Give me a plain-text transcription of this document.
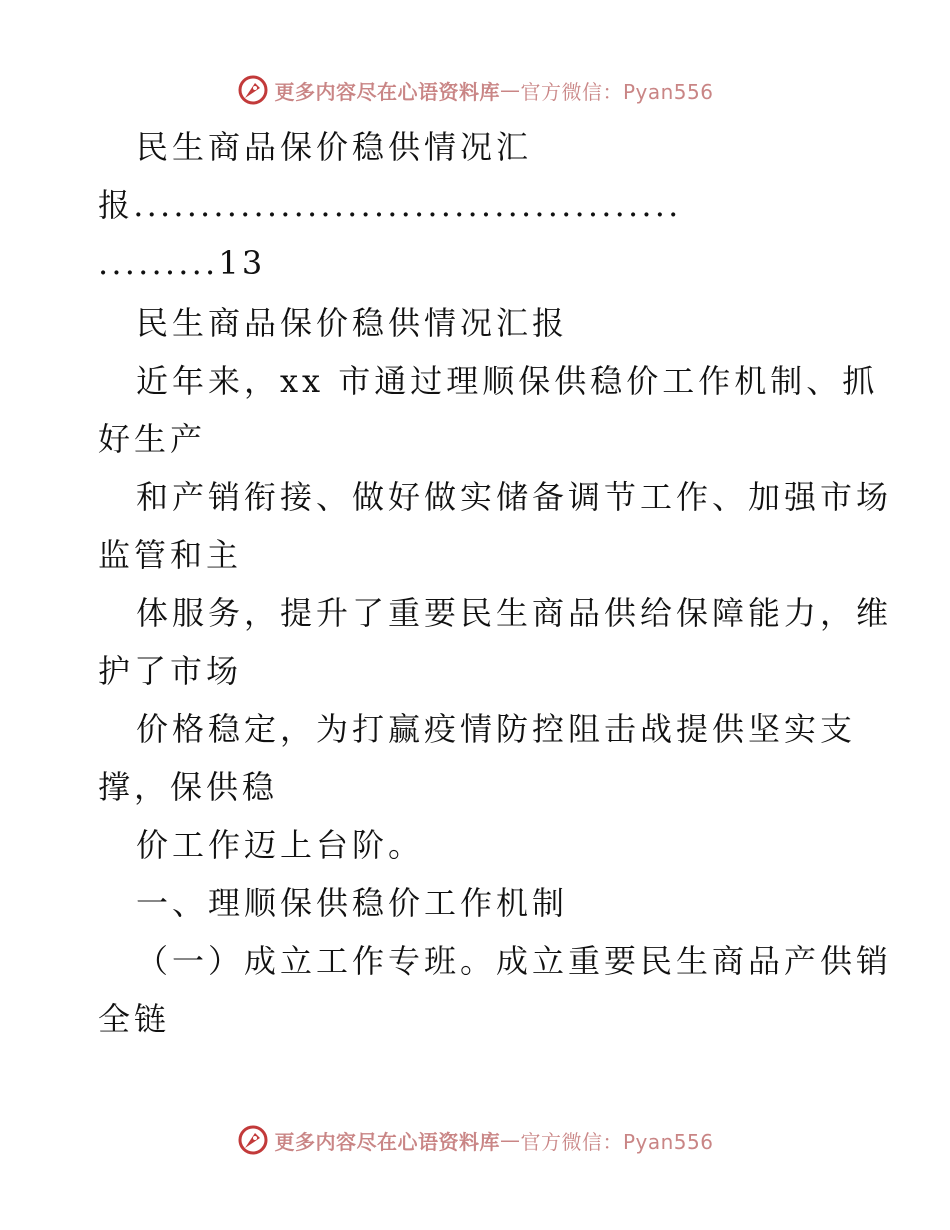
更多内容尽在心语资料库 — 官方微信：Pyan556
民生商品保价稳供情况汇
报.........................................
.........13
民生商品保价稳供情况汇报
近年来，xx 市通过理顺保供稳价工作机制、抓
好生产
和产销衔接、做好做实储备调节工作、加强市场
监管和主
体服务，提升了重要民生商品供给保障能力，维
护了市场
价格稳定，为打赢疫情防控阻击战提供坚实支
撑，保供稳
价工作迈上台阶。
一、理顺保供稳价工作机制
（一）成立工作专班。成立重要民生商品产供销
全链
更多内容尽在心语资料库 — 官方微信：Pyan556
